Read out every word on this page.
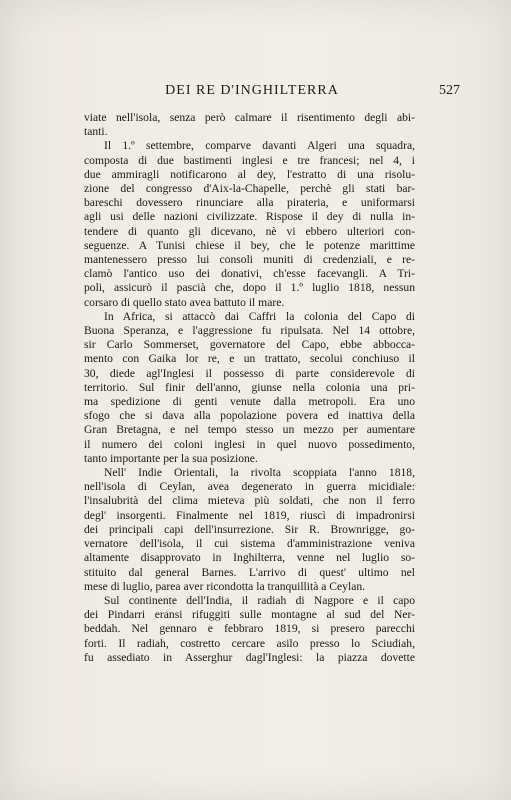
DEI RE D'INGHILTERRA	527
viate nell'isola, senza però calmare il risentimento degli abi-
tanti.
Il 1.º settembre, comparve davanti Algeri una squadra,
composta di due bastimenti inglesi e tre francesi; nel 4, i
due ammiragli notificarono al dey, l'estratto di una risolu-
zione del congresso d'Aix-la-Chapelle, perchè gli stati bar-
bareschi dovessero rinunciare alla pirateria, e uniformarsi
agli usi delle nazioni civilizzate. Rispose il dey di nulla in-
tendere di quanto gli dicevano, nè vi ebbero ulteriori con-
seguenze. A Tunisi chiese il bey, che le potenze marittime
mantenessero presso lui consoli muniti di credenziali, e re-
clamò l'antico uso dei donativi, ch'esse facevangli. A Tri-
poli, assicurò il pascià che, dopo il 1.º luglio 1818, nessun
corsaro di quello stato avea battuto il mare.
In Africa, si attaccò dai Caffri la colonia del Capo di
Buona Speranza, e l'aggressione fu ripulsata. Nel 14 ottobre,
sir Carlo Sommerset, governatore del Capo, ebbe abbocca-
mento con Gaika lor re, e un trattato, secolui conchiuso il
30, diede agl'Inglesi il possesso di parte considerevole di
territorio. Sul finir dell'anno, giunse nella colonia una pri-
ma spedizione di genti venute dalla metropoli. Era uno
sfogo che si dava alla popolazione povera ed inattiva della
Gran Bretagna, e nel tempo stesso un mezzo per aumentare
il numero dei coloni inglesi in quel nuovo possedimento,
tanto importante per la sua posizione.
Nell' Indie Orientali, la rivolta scoppiata l'anno 1818,
nell'isola di Ceylan, avea degenerato in guerra micidiale:
l'insalubrità del clima mieteva più soldati, che non il ferro
degl' insorgenti. Finalmente nel 1819, riuscì di impadronirsi
dei principali capi dell'insurrezione. Sir R. Brownrigge, go-
vernatore dell'isola, il cui sistema d'amministrazione veniva
altamente disapprovato in Inghilterra, venne nel luglio so-
stituito dal general Barnes. L'arrivo di quest' ultimo nel
mese di luglio, parea aver ricondotta la tranquillità a Ceylan.
Sul continente dell'India, il radiah di Nagpore e il capo
dei Pindarri eransi rifuggiti sulle montagne al sud del Ner-
beddah. Nel gennaro e febbraro 1819, si presero parecchi
forti. Il radiah, costretto cercare asilo presso lo Sciudiah,
fu assediato in Asserghur dagl'Inglesi: la piazza dovette
